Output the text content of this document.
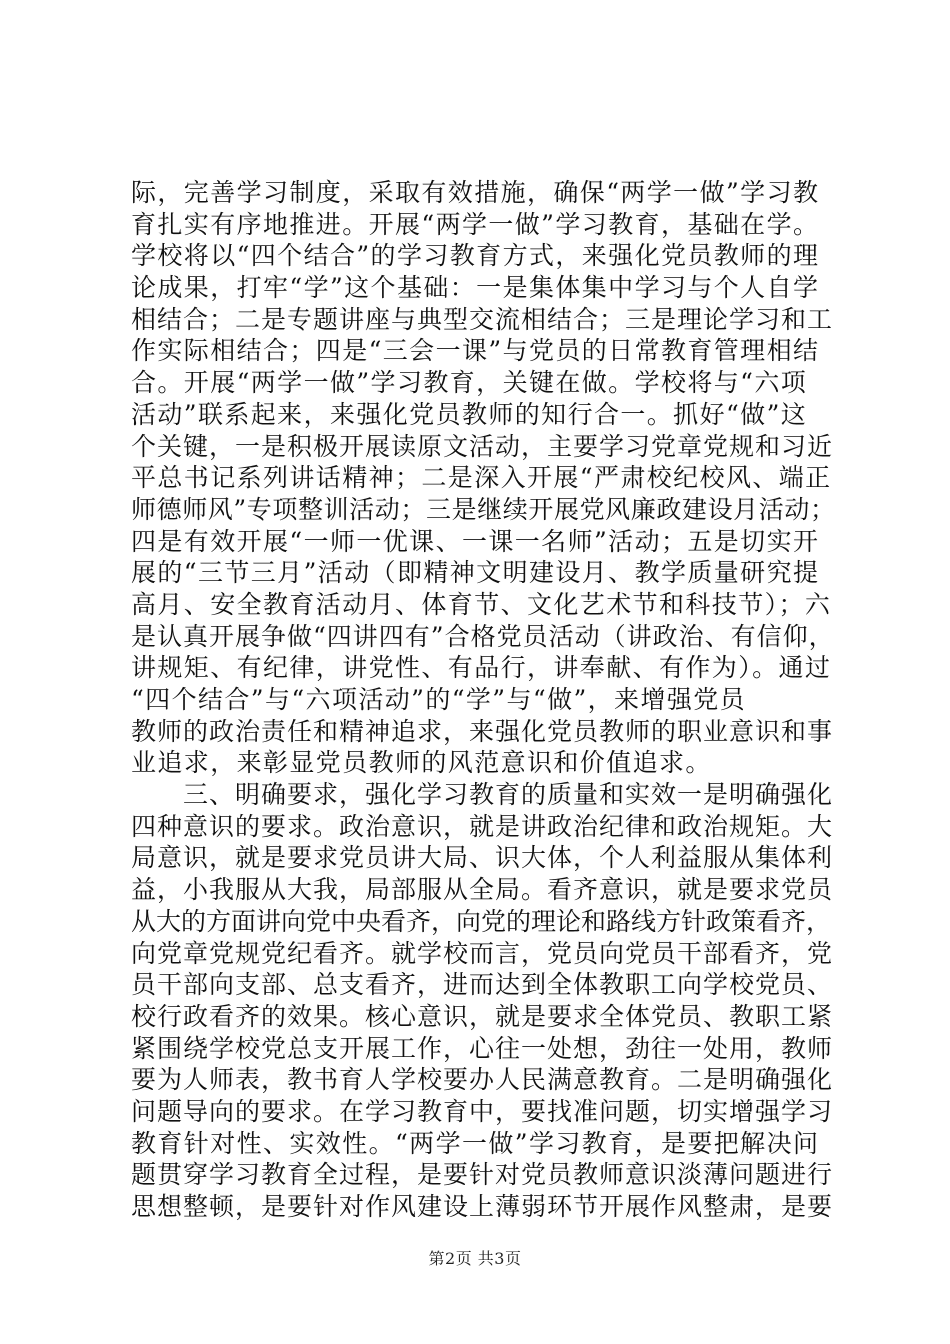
际，完善学习制度，采取有效措施，确保“两学一做”学习教
育扎实有序地推进。开展“两学一做”学习教育，基础在学。
学校将以“四个结合”的学习教育方式，来强化党员教师的理
论成果，打牢“学”这个基础：一是集体集中学习与个人自学
相结合；二是专题讲座与典型交流相结合；三是理论学习和工
作实际相结合；四是“三会一课”与党员的日常教育管理相结
合。开展“两学一做”学习教育，关键在做。学校将与“六项
活动”联系起来，来强化党员教师的知行合一。抓好“做”这
个关键，一是积极开展读原文活动，主要学习党章党规和习近
平总书记系列讲话精神；二是深入开展“严肃校纪校风、端正
师德师风”专项整训活动；三是继续开展党风廉政建设月活动；
四是有效开展“一师一优课、一课一名师”活动；五是切实开
展的“三节三月”活动（即精神文明建设月、教学质量研究提
高月、安全教育活动月、体育节、文化艺术节和科技节）；六
是认真开展争做“四讲四有”合格党员活动（讲政治、有信仰，
讲规矩、有纪律，讲党性、有品行，讲奉献、有作为）。通过
“四个结合”与“六项活动”的“学”与“做”，来增强党员
教师的政治责任和精神追求，来强化党员教师的职业意识和事
业追求，来彰显党员教师的风范意识和价值追求。
　　三、明确要求，强化学习教育的质量和实效一是明确强化
四种意识的要求。政治意识，就是讲政治纪律和政治规矩。大
局意识，就是要求党员讲大局、识大体，个人利益服从集体利
益，小我服从大我，局部服从全局。看齐意识，就是要求党员
从大的方面讲向党中央看齐，向党的理论和路线方针政策看齐，
向党章党规党纪看齐。就学校而言，党员向党员干部看齐，党
员干部向支部、总支看齐，进而达到全体教职工向学校党员、
校行政看齐的效果。核心意识，就是要求全体党员、教职工紧
紧围绕学校党总支开展工作，心往一处想，劲往一处用，教师
要为人师表，教书育人学校要办人民满意教育。二是明确强化
问题导向的要求。在学习教育中，要找准问题，切实增强学习
教育针对性、实效性。“两学一做”学习教育，是要把解决问
题贯穿学习教育全过程，是要针对党员教师意识淡薄问题进行
思想整顿，是要针对作风建设上薄弱环节开展作风整肃，是要
第2页 共3页
